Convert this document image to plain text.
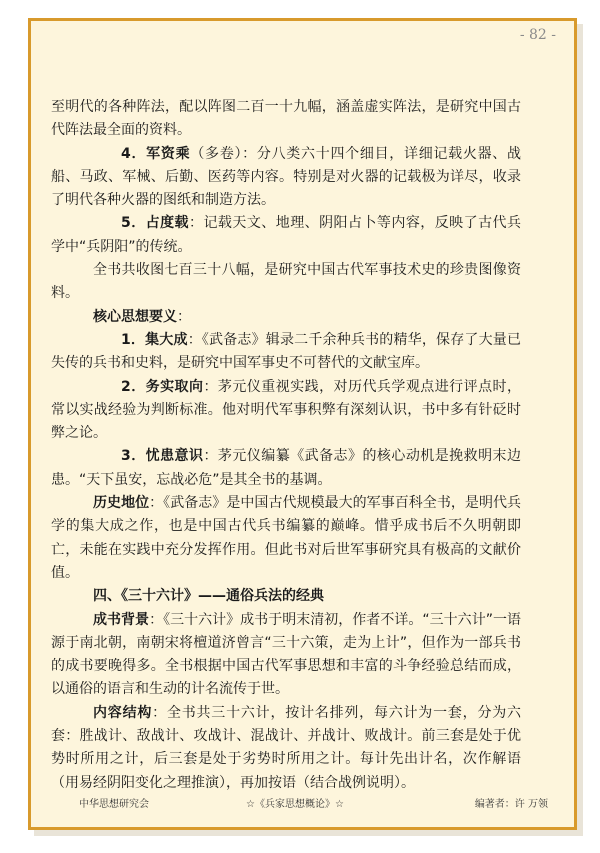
- 82 -

至明代的各种阵法，配以阵图二百一十九幅，涵盖虚实阵法，是研究中国古代阵法最全面的资料。

4．军资乘（多卷）：分八类六十四个细目，详细记载火器、战船、马政、军械、后勤、医药等内容。特别是对火器的记载极为详尽，收录了明代各种火器的图纸和制造方法。

5．占度载：记载天文、地理、阴阳占卜等内容，反映了古代兵学中“兵阴阳”的传统。

全书共收图七百三十八幅，是研究中国古代军事技术史的珍贵图像资料。

核心思想要义：

1．集大成：《武备志》辑录二千余种兵书的精华，保存了大量已失传的兵书和史料，是研究中国军事史不可替代的文献宝库。

2．务实取向：茅元仪重视实践，对历代兵学观点进行评点时，常以实战经验为判断标准。他对明代军事积弊有深刻认识，书中多有针砭时弊之论。

3．忧患意识：茅元仪编纂《武备志》的核心动机是挽救明末边患。“天下虽安，忘战必危”是其全书的基调。

历史地位：《武备志》是中国古代规模最大的军事百科全书，是明代兵学的集大成之作，也是中国古代兵书编纂的巅峰。惜乎成书后不久明朝即亡，未能在实践中充分发挥作用。但此书对后世军事研究具有极高的文献价值。

四、《三十六计》——通俗兵法的经典

成书背景：《三十六计》成书于明末清初，作者不详。“三十六计”一语源于南北朝，南朝宋将檀道济曾言“三十六策，走为上计”，但作为一部兵书的成书要晚得多。全书根据中国古代军事思想和丰富的斗争经验总结而成，以通俗的语言和生动的计名流传于世。

内容结构：全书共三十六计，按计名排列，每六计为一套，分为六套：胜战计、敌战计、攻战计、混战计、并战计、败战计。前三套是处于优势时所用之计，后三套是处于劣势时所用之计。每计先出计名，次作解语（用易经阴阳变化之理推演），再加按语（结合战例说明）。

中华思想研究会	☆《兵家思想概论》☆	编著者：许 万领
